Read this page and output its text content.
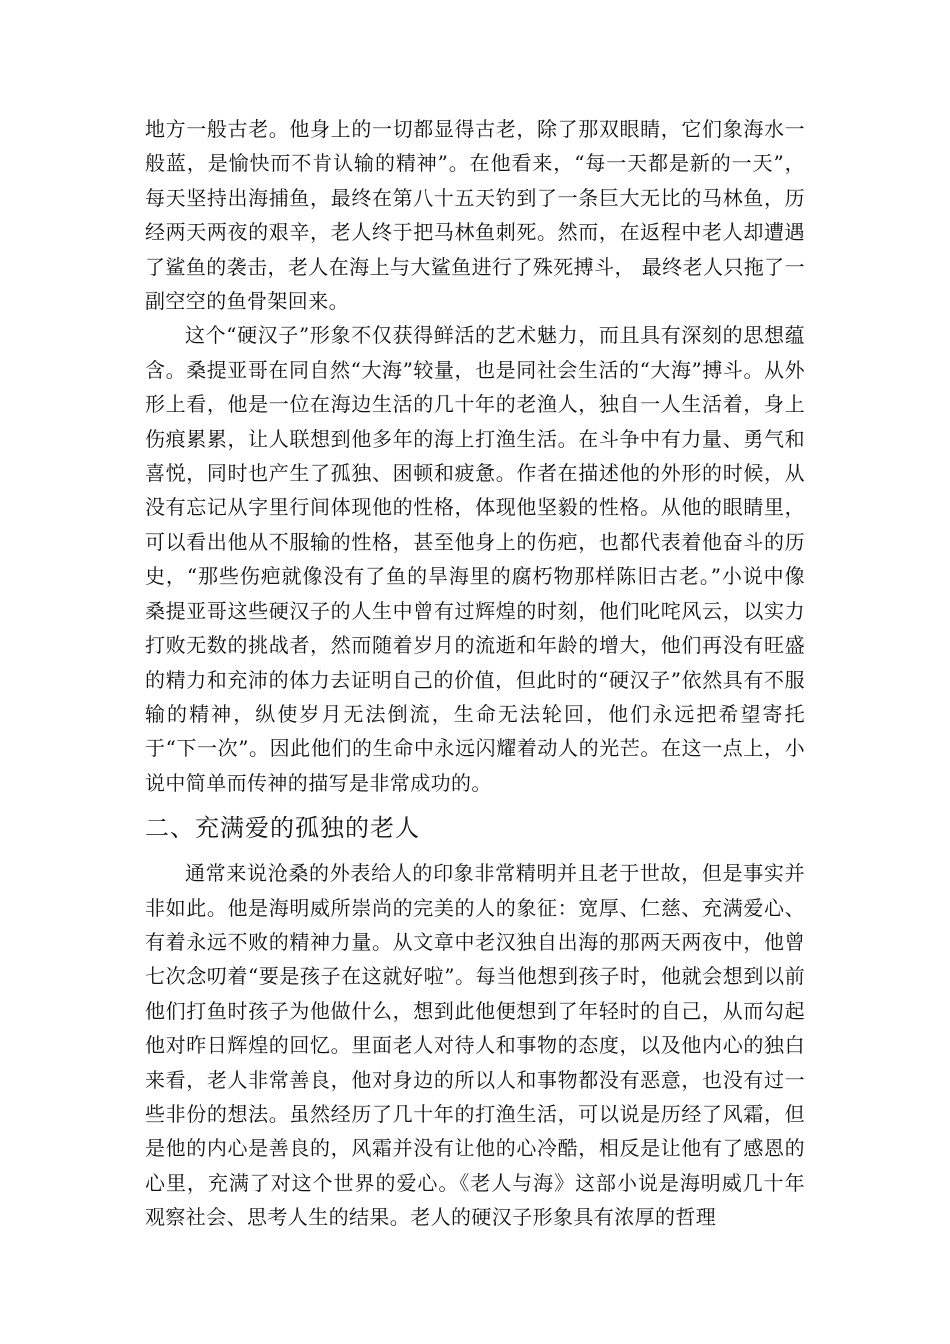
地方一般古老。他身上的一切都显得古老，除了那双眼睛，它们象海水一般蓝，是愉快而不肯认输的精神”。在他看来，“每一天都是新的一天”，每天坚持出海捕鱼，最终在第八十五天钓到了一条巨大无比的马林鱼，历经两天两夜的艰辛，老人终于把马林鱼刺死。然而，在返程中老人却遭遇了鲨鱼的袭击，老人在海上与大鲨鱼进行了殊死搏斗， 最终老人只拖了一副空空的鱼骨架回来。

这个“硬汉子”形象不仅获得鲜活的艺术魅力，而且具有深刻的思想蕴含。桑提亚哥在同自然“大海”较量，也是同社会生活的“大海”搏斗。从外形上看，他是一位在海边生活的几十年的老渔人，独自一人生活着，身上伤痕累累，让人联想到他多年的海上打渔生活。在斗争中有力量、勇气和喜悦，同时也产生了孤独、困顿和疲惫。作者在描述他的外形的时候，从没有忘记从字里行间体现他的性格，体现他坚毅的性格。从他的眼睛里，可以看出他从不服输的性格，甚至他身上的伤疤，也都代表着他奋斗的历史，“那些伤疤就像没有了鱼的旱海里的腐朽物那样陈旧古老。”小说中像桑提亚哥这些硬汉子的人生中曾有过辉煌的时刻，他们叱咤风云，以实力打败无数的挑战者，然而随着岁月的流逝和年龄的增大，他们再没有旺盛的精力和充沛的体力去证明自己的价值，但此时的“硬汉子”依然具有不服输的精神，纵使岁月无法倒流，生命无法轮回，他们永远把希望寄托于“下一次”。因此他们的生命中永远闪耀着动人的光芒。在这一点上，小说中简单而传神的描写是非常成功的。

二、充满爱的孤独的老人

通常来说沧桑的外表给人的印象非常精明并且老于世故，但是事实并非如此。他是海明威所崇尚的完美的人的象征：宽厚、仁慈、充满爱心、有着永远不败的精神力量。从文章中老汉独自出海的那两天两夜中，他曾七次念叨着“要是孩子在这就好啦”。每当他想到孩子时，他就会想到以前他们打鱼时孩子为他做什么，想到此他便想到了年轻时的自己，从而勾起他对昨日辉煌的回忆。里面老人对待人和事物的态度，以及他内心的独白来看，老人非常善良，他对身边的所以人和事物都没有恶意，也没有过一些非份的想法。虽然经历了几十年的打渔生活，可以说是历经了风霜，但是他的内心是善良的，风霜并没有让他的心冷酷，相反是让他有了感恩的心里，充满了对这个世界的爱心。《老人与海》这部小说是海明威几十年观察社会、思考人生的结果。老人的硬汉子形象具有浓厚的哲理
